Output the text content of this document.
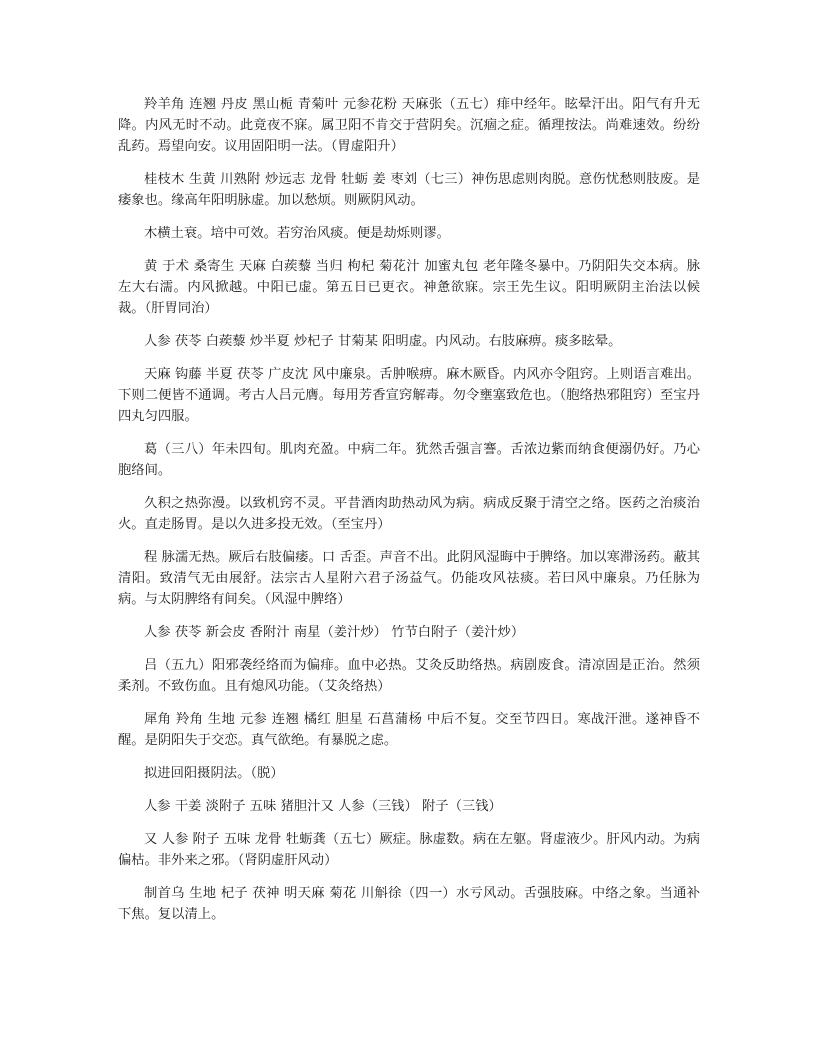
羚羊角 连翘 丹皮 黑山栀 青菊叶 元参花粉 天麻张（五七）痱中经年。眩晕汗出。阳气有升无降。内风无时不动。此竟夜不寐。属卫阳不肯交于营阴矣。沉痼之症。循理按法。尚难速效。纷纷乱药。焉望向安。议用固阳明一法。（胃虚阳升）

桂枝木 生黄 川熟附 炒远志 龙骨 牡蛎 姜 枣刘（七三）神伤思虑则肉脱。意伤忧愁则肢废。是痿象也。缘高年阳明脉虚。加以愁烦。则厥阴风动。

木横土衰。培中可效。若穷治风痰。便是劫烁则谬。

黄 于术 桑寄生 天麻 白蒺藜 当归 枸杞 菊花汁 加蜜丸包 老年隆冬暴中。乃阴阳失交本病。脉左大右濡。内风掀越。中阳已虚。第五日已更衣。神惫欲寐。宗王先生议。阳明厥阴主治法以候裁。（肝胃同治）

人参 茯苓 白蒺藜 炒半夏 炒杞子 甘菊某 阳明虚。内风动。右肢麻痹。痰多眩晕。

天麻 钩藤 半夏 茯苓 广皮沈 风中廉泉。舌肿喉痹。麻木厥昏。内风亦令阻窍。上则语言难出。下则二便皆不通调。考古人吕元膺。每用芳香宣窍解毒。勿令壅塞致危也。（胞络热邪阻窍）至宝丹四丸匀四服。

葛（三八）年未四旬。肌肉充盈。中病二年。犹然舌强言謇。舌浓边紫而纳食便溺仍好。乃心胞络间。

久积之热弥漫。以致机窍不灵。平昔酒肉助热动风为病。病成反聚于清空之络。医药之治痰治火。直走肠胃。是以久进多投无效。（至宝丹）

程 脉濡无热。厥后右肢偏痿。口 舌歪。声音不出。此阴风湿晦中于脾络。加以寒滞汤药。蔽其清阳。致清气无由展舒。法宗古人星附六君子汤益气。仍能攻风祛痰。若曰风中廉泉。乃任脉为病。与太阴脾络有间矣。（风湿中脾络）

人参 茯苓 新会皮 香附汁 南星（姜汁炒） 竹节白附子（姜汁炒）

吕（五九）阳邪袭经络而为偏痱。血中必热。艾灸反助络热。病剧废食。清凉固是正治。然须柔剂。不致伤血。且有熄风功能。（艾灸络热）

犀角 羚角 生地 元参 连翘 橘红 胆星 石菖蒲杨 中后不复。交至节四日。寒战汗泄。遂神昏不醒。是阴阳失于交恋。真气欲绝。有暴脱之虑。

拟进回阳摄阴法。（脱）

人参 干姜 淡附子 五味 猪胆汁又 人参（三钱） 附子（三钱）

又 人参 附子 五味 龙骨 牡蛎龚（五七）厥症。脉虚数。病在左躯。肾虚液少。肝风内动。为病偏枯。非外来之邪。（肾阴虚肝风动）

制首乌 生地 杞子 茯神 明天麻 菊花 川斛徐（四一）水亏风动。舌强肢麻。中络之象。当通补下焦。复以清上。
